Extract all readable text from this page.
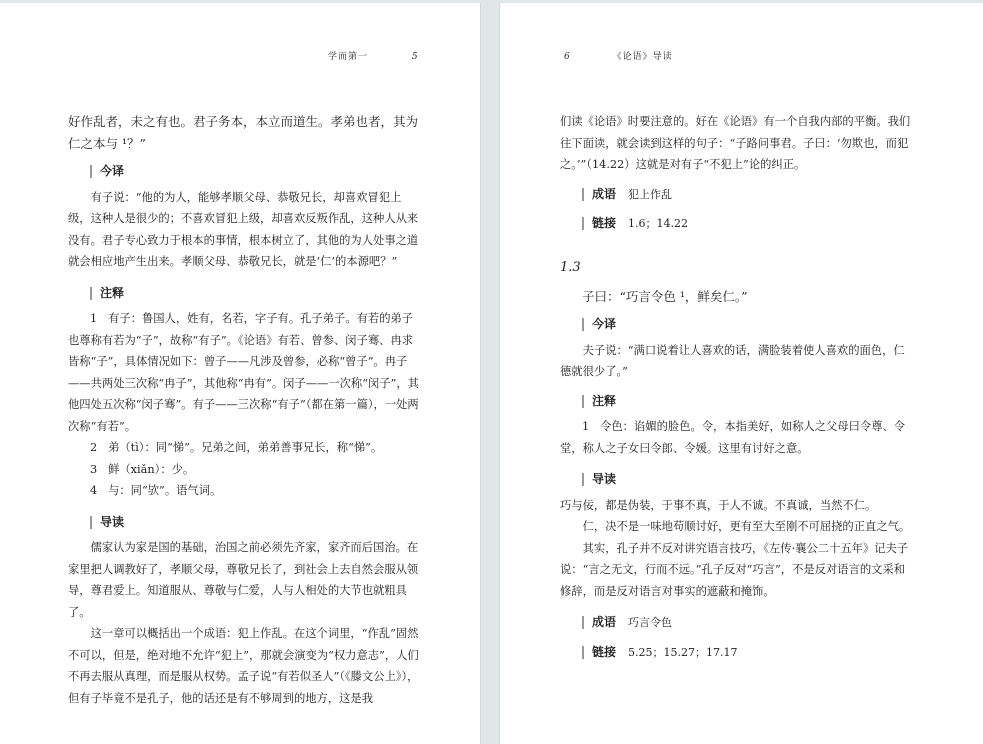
学而第一	5

好作乱者，未之有也。君子务本，本立而道生。孝弟也者，其为仁之本与 ¹？”

今译

有子说：“他的为人，能够孝顺父母、恭敬兄长，却喜欢冒犯上级，这种人是很少的；不喜欢冒犯上级，却喜欢反叛作乱，这种人从来没有。君子专心致力于根本的事情，根本树立了，其他的为人处事之道就会相应地产生出来。孝顺父母、恭敬兄长，就是‘仁’的本源吧？”

注释

1 有子：鲁国人，姓有，名若，字子有。孔子弟子。有若的弟子也尊称有若为“子”，故称“有子”。《论语》有若、曾参、闵子骞、冉求皆称“子”，具体情况如下：曾子——凡涉及曾参，必称“曾子”。冉子——共两处三次称“冉子”，其他称“冉有”。闵子——一次称“闵子”，其他四处五次称“闵子骞”。有子——三次称“有子”（都在第一篇），一处两次称“有若”。

2 弟（tì）：同“悌”。兄弟之间，弟弟善事兄长，称“悌”。

3 鲜（xiǎn）：少。

4 与：同“欤”。语气词。

导读

儒家认为家是国的基础，治国之前必须先齐家，家齐而后国治。在家里把人调教好了，孝顺父母，尊敬兄长了，到社会上去自然会服从领导，尊君爱上。知道服从、尊敬与仁爱，人与人相处的大节也就粗具了。

这一章可以概括出一个成语：犯上作乱。在这个词里，“作乱”固然不可以，但是，绝对地不允许“犯上”，那就会演变为“权力意志”，人们不再去服从真理，而是服从权势。孟子说“有若似圣人”（《滕文公上》），但有子毕竟不是孔子，他的话还是有不够周到的地方，这是我

6	《论语》导读

们读《论语》时要注意的。好在《论语》有一个自我内部的平衡。我们往下面读，就会读到这样的句子：“子路问事君。子曰：‘勿欺也，而犯之。’”（14.22）这就是对有子“不犯上”论的纠正。

成语 犯上作乱
链接 1.6；14.22
1.3

子曰：“巧言令色 ¹，鲜矣仁。”

今译

夫子说：“满口说着让人喜欢的话，满脸装着使人喜欢的面色，仁德就很少了。”

注释

1 令色：谄媚的脸色。令，本指美好，如称人之父母曰令尊、令堂，称人之子女曰令郎、令媛。这里有讨好之意。

导读

巧与佞，都是伪装，于事不真，于人不诚。不真诚，当然不仁。

仁，决不是一味地苟顺讨好，更有至大至刚不可屈挠的正直之气。

其实，孔子并不反对讲究语言技巧，《左传·襄公二十五年》记夫子说：“言之无文，行而不远。”孔子反对“巧言”，不是反对语言的文采和修辞，而是反对语言对事实的遮蔽和掩饰。

成语 巧言令色
链接 5.25；15.27；17.17
